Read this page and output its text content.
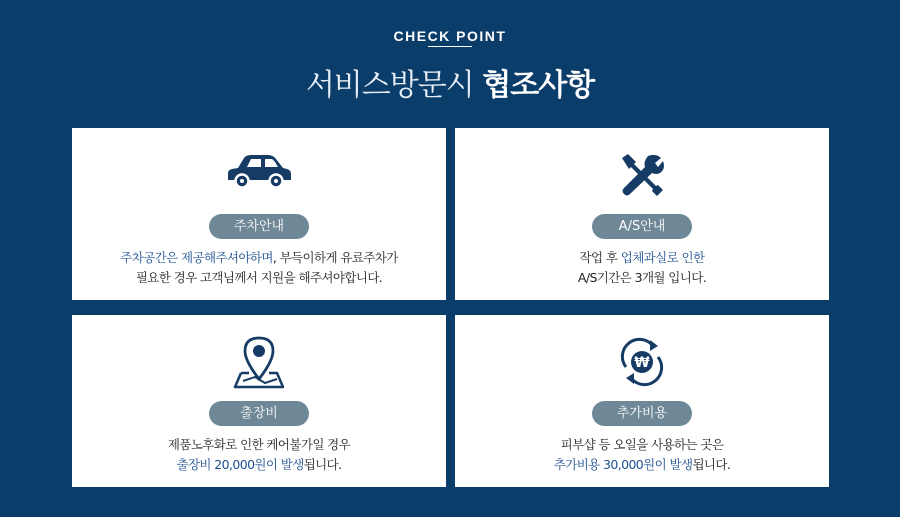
CHECK POINT
서비스방문시 협조사항
주차안내
주차공간은 제공해주셔야하며, 부득이하게 유료주차가
필요한 경우 고객님께서 지원을 해주셔야합니다.
A/S안내
작업 후 업체과실로 인한
A/S기간은 3개월 입니다.
출장비
제품노후화로 인한 케어불가일 경우
출장비 20,000원이 발생됩니다.
₩
추가비용
피부샵 등 오일을 사용하는 곳은
추가비용 30,000원이 발생됩니다.
